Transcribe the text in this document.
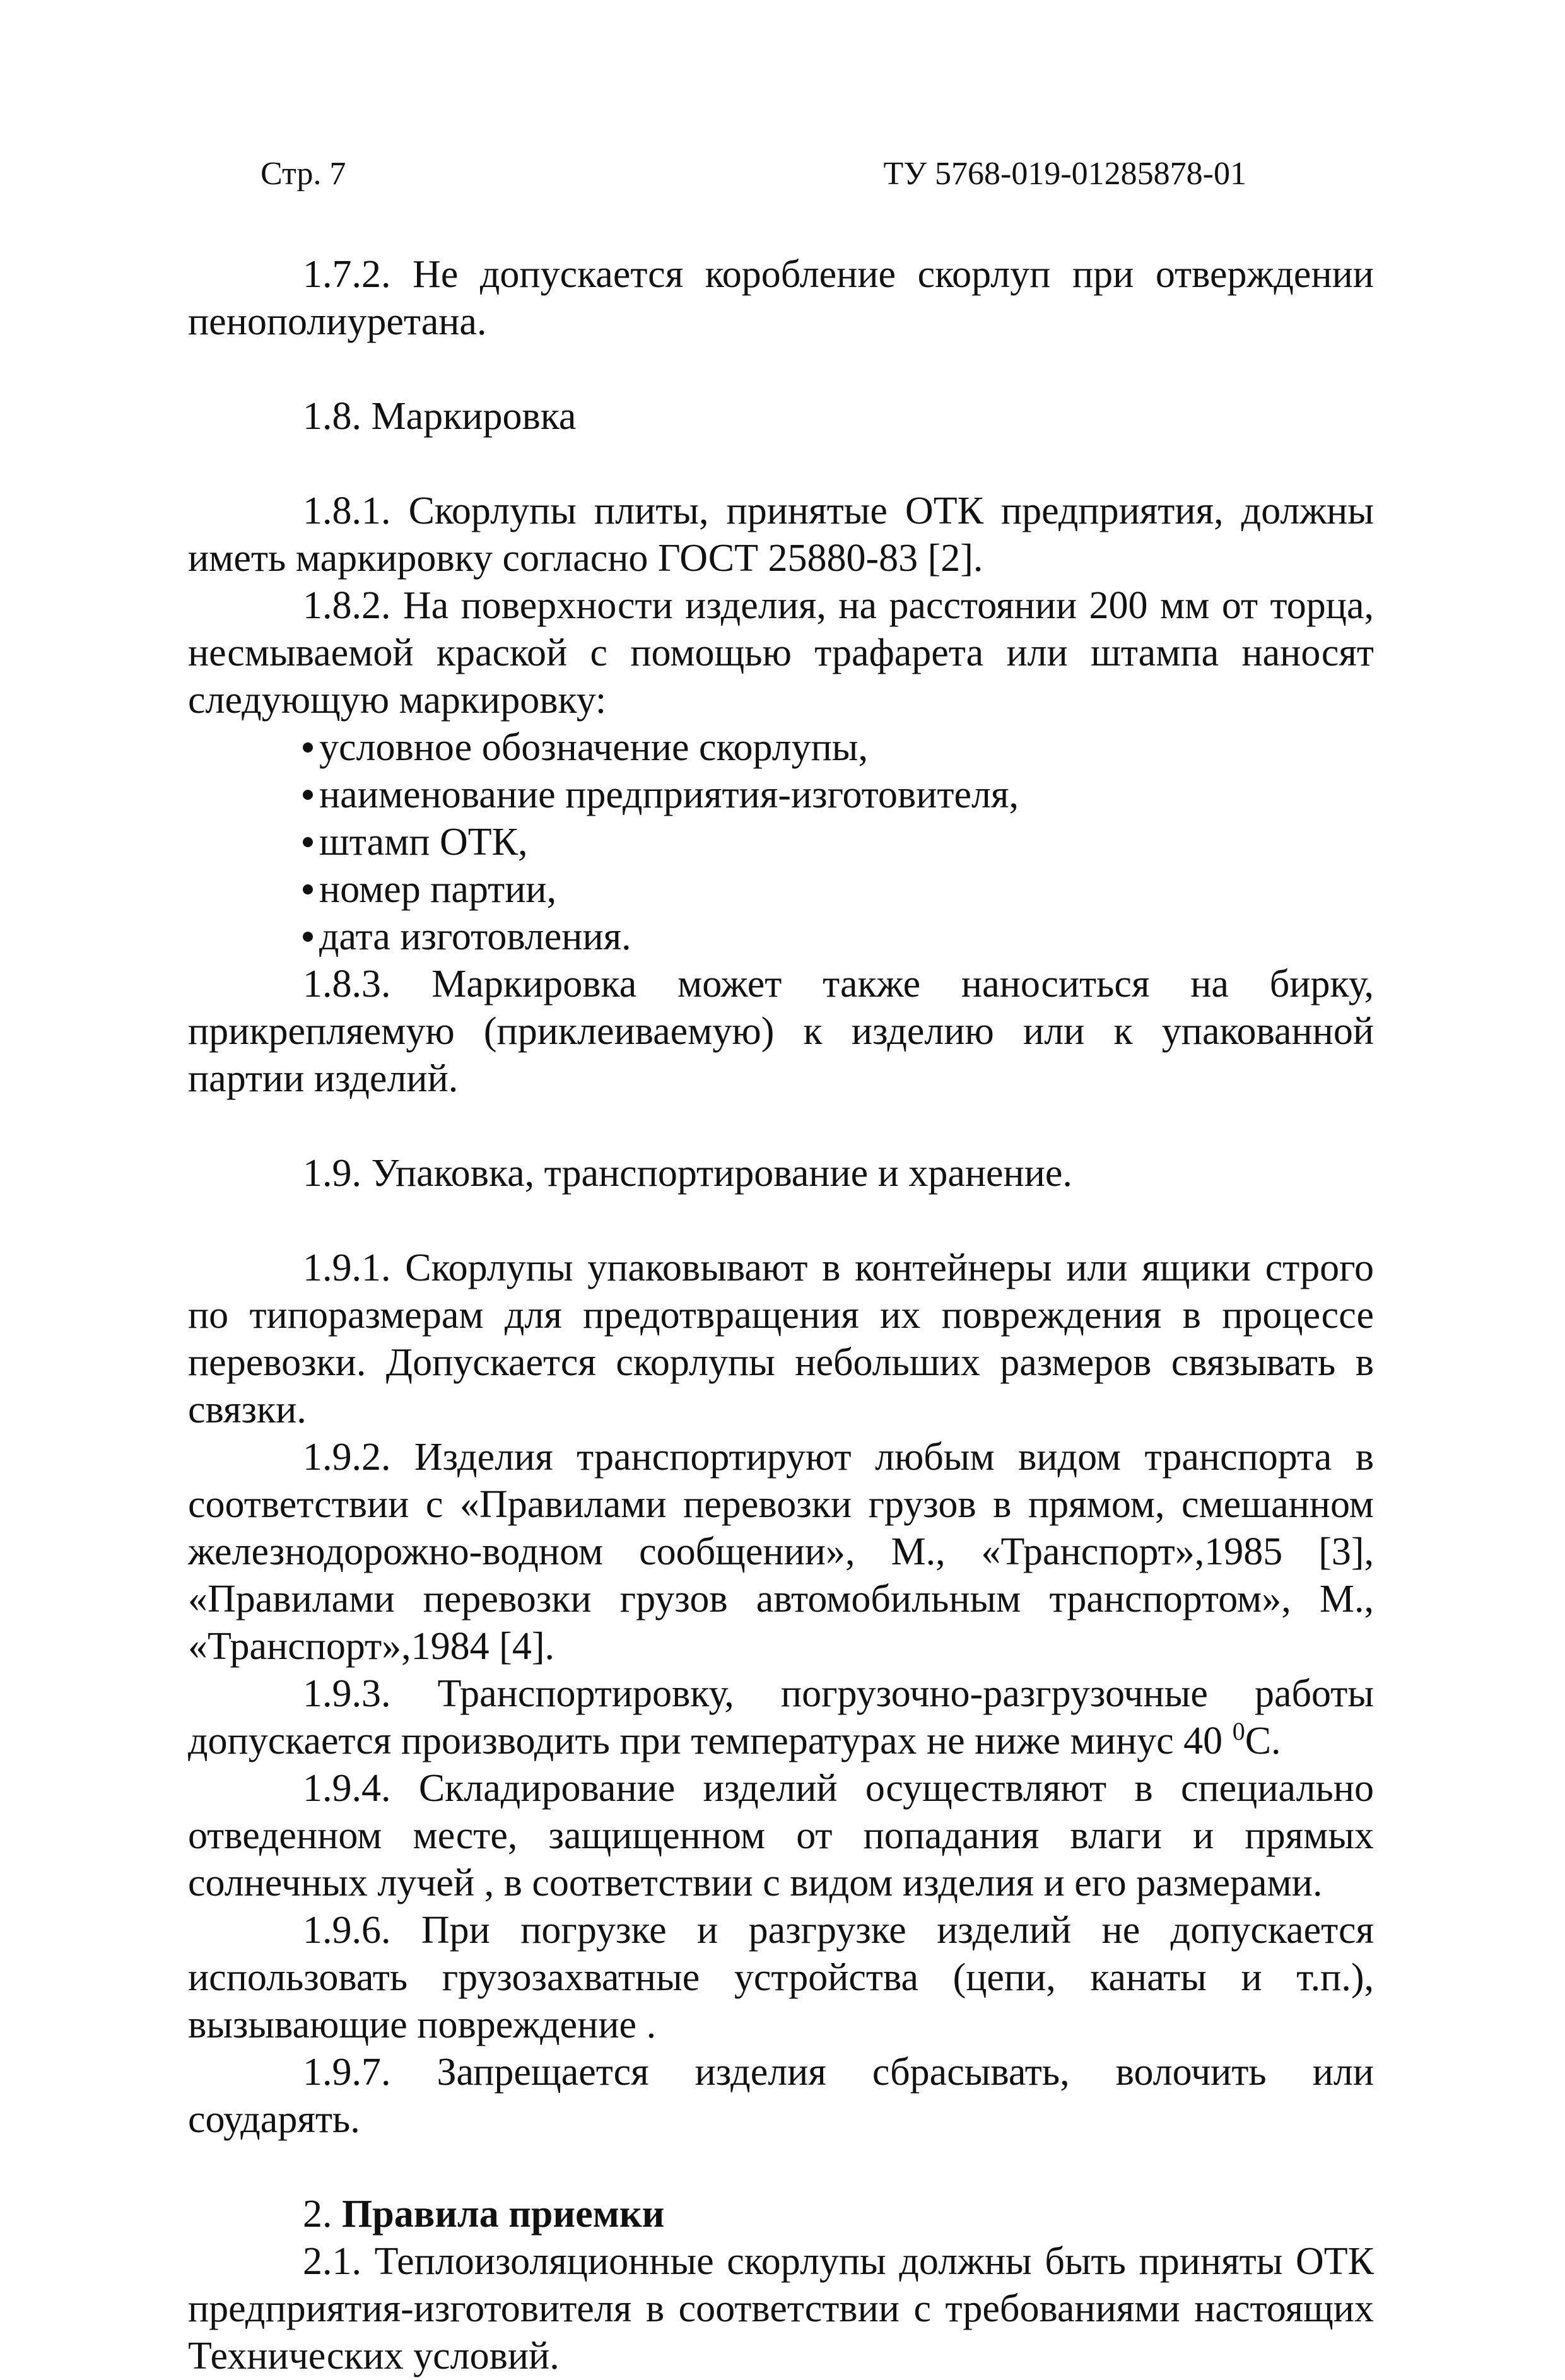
Стр. 7	ТУ 5768-019-01285878-01

1.7.2. Не допускается коробление скорлуп при отверждении пенополиуретана.

1.8. Маркировка

1.8.1. Скорлупы плиты, принятые ОТК предприятия, должны иметь маркировку согласно ГОСТ 25880-83 [2].

1.8.2. На поверхности изделия, на расстоянии 200 мм от торца, несмываемой краской с помощью трафарета или штампа наносят следующую маркировку:

условное обозначение скорлупы,
наименование предприятия-изготовителя,
штамп ОТК,
номер партии,
дата изготовления.

1.8.3. Маркировка может также наноситься на бирку, прикрепляемую (приклеиваемую) к изделию или к упакованной партии изделий.

1.9. Упаковка, транспортирование и хранение.

1.9.1. Скорлупы упаковывают в контейнеры или ящики строго по типоразмерам для предотвращения их повреждения в процессе перевозки. Допускается скорлупы небольших размеров связывать в связки.

1.9.2. Изделия транспортируют любым видом транспорта в соответствии с «Правилами перевозки грузов в прямом, смешанном железнодорожно-водном сообщении», М., «Транспорт»,1985 [3], «Правилами перевозки грузов автомобильным транспортом», М., «Транспорт»,1984 [4].

1.9.3. Транспортировку, погрузочно-разгрузочные работы допускается производить при температурах не ниже минус 40 $^0$С.

1.9.4. Складирование изделий осуществляют в специально отведенном месте, защищенном от попадания влаги и прямых солнечных лучей , в соответствии с видом изделия и его размерами.

1.9.6. При погрузке и разгрузке изделий не допускается использовать грузозахватные устройства (цепи, канаты и т.п.), вызывающие повреждение .

1.9.7. Запрещается изделия сбрасывать, волочить или соударять.

2. Правила приемки

2.1. Теплоизоляционные скорлупы должны быть приняты ОТК предприятия-изготовителя в соответствии с требованиями настоящих Технических условий.
